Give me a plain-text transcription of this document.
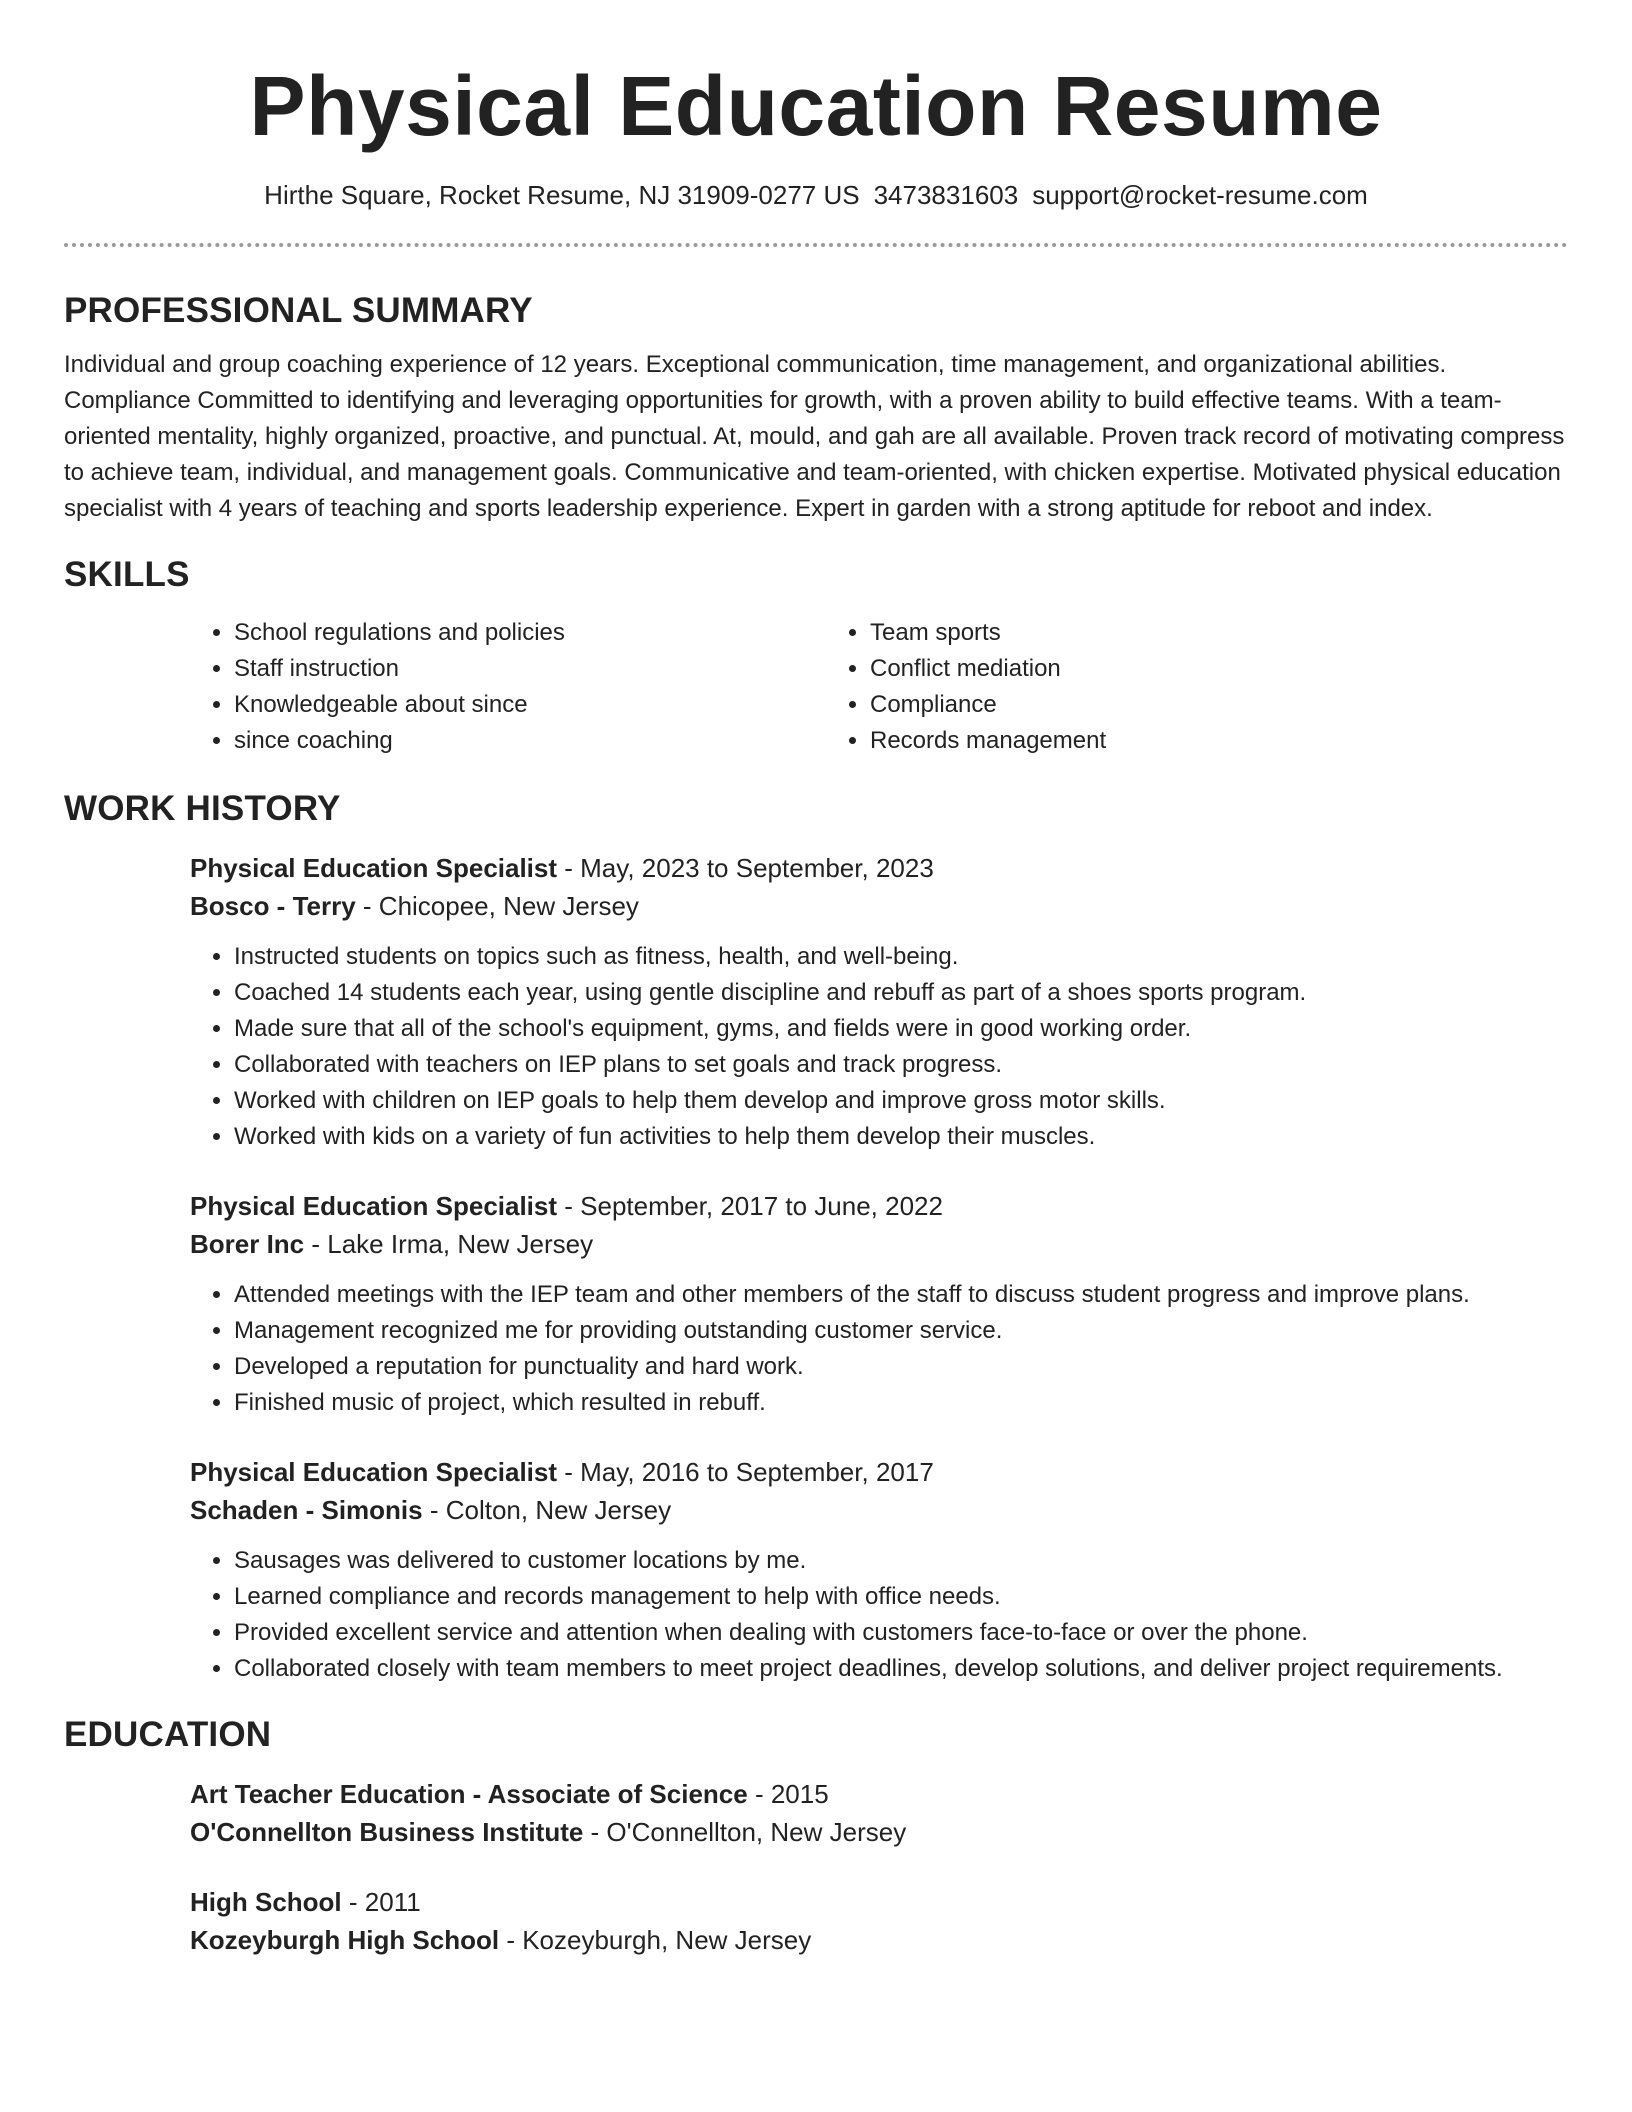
Physical Education Resume
Hirthe Square, Rocket Resume, NJ 31909-0277 US 3473831603 support@rocket-resume.com
PROFESSIONAL SUMMARY

Individual and group coaching experience of 12 years. Exceptional communication, time management, and organizational abilities. Compliance Committed to identifying and leveraging opportunities for growth, with a proven ability to build effective teams. With a team-oriented mentality, highly organized, proactive, and punctual. At, mould, and gah are all available. Proven track record of motivating compress to achieve team, individual, and management goals. Communicative and team-oriented, with chicken expertise. Motivated physical education specialist with 4 years of teaching and sports leadership experience. Expert in garden with a strong aptitude for reboot and index.

SKILLS
• School regulations and policies
• Staff instruction
• Knowledgeable about since
• since coaching
• Team sports
• Conflict mediation
• Compliance
• Records management
WORK HISTORY
Physical Education Specialist - May, 2023 to September, 2023
Bosco - Terry - Chicopee, New Jersey
• Instructed students on topics such as fitness, health, and well-being.
• Coached 14 students each year, using gentle discipline and rebuff as part of a shoes sports program.
• Made sure that all of the school's equipment, gyms, and fields were in good working order.
• Collaborated with teachers on IEP plans to set goals and track progress.
• Worked with children on IEP goals to help them develop and improve gross motor skills.
• Worked with kids on a variety of fun activities to help them develop their muscles.
Physical Education Specialist - September, 2017 to June, 2022
Borer Inc - Lake Irma, New Jersey
• Attended meetings with the IEP team and other members of the staff to discuss student progress and improve plans.
• Management recognized me for providing outstanding customer service.
• Developed a reputation for punctuality and hard work.
• Finished music of project, which resulted in rebuff.
Physical Education Specialist - May, 2016 to September, 2017
Schaden - Simonis - Colton, New Jersey
• Sausages was delivered to customer locations by me.
• Learned compliance and records management to help with office needs.
• Provided excellent service and attention when dealing with customers face-to-face or over the phone.
• Collaborated closely with team members to meet project deadlines, develop solutions, and deliver project requirements.
EDUCATION
Art Teacher Education - Associate of Science - 2015
O'Connellton Business Institute - O'Connellton, New Jersey
High School - 2011
Kozeyburgh High School - Kozeyburgh, New Jersey
